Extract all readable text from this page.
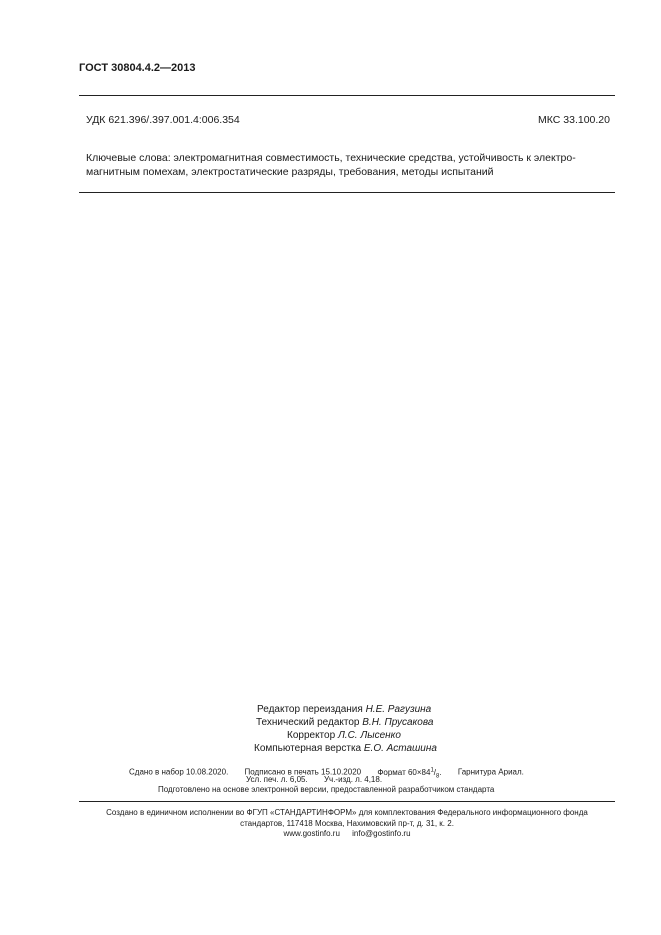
ГОСТ 30804.4.2—2013
УДК 621.396/.397.001.4:006.354	МКС 33.100.20
Ключевые слова: электромагнитная совместимость, технические средства, устойчивость к электро-
магнитным помехам, электростатические разряды, требования, методы испытаний
Редактор переиздания Н.Е. Рагузина
Технический редактор В.Н. Прусакова
Корректор Л.С. Лысенко
Компьютерная верстка Е.О. Асташина
Сдано в набор 10.08.2020. Подписано в печать 15.10.2020 Формат $60\times 84^1/_8$. Гарнитура Ариал.
Усл. печ. л. 6,05. Уч.-изд. л. 4,18.
Подготовлено на основе электронной версии, предоставленной разработчиком стандарта
Создано в единичном исполнении во ФГУП «СТАНДАРТИНФОРМ» для комплектования Федерального информационного фонда
стандартов, 117418 Москва, Нахимовский пр-т, д. 31, к. 2.
www.gostinfo.ru info@gostinfo.ru
